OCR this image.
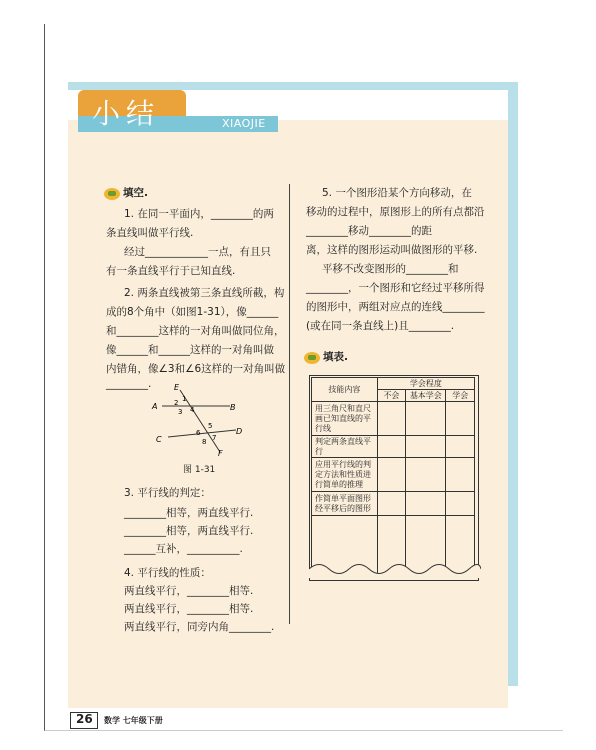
小结	XIAOJIE
填空.
1. 在同一平面内，________的两
条直线叫做平行线.
经过____________一点，有且只
有一条直线平行于已知直线.
2. 两条直线被第三条直线所截，构
成的8个角中（如图1-31），像______
和________这样的一对角叫做同位角，
像______和______这样的一对角叫做
内错角，像∠3和∠6这样的一对角叫做
________.	E
A	B
C
D
F
1
2
3 4
5
6
7
8
图 1-31
3. 平行线的判定：
________相等，两直线平行.
________相等，两直线平行.
______互补，__________.
4. 平行线的性质：
两直线平行，________相等.
两直线平行，________相等.
两直线平行，同旁内角________.
5. 一个图形沿某个方向移动，在
移动的过程中，原图形上的所有点都沿
________移动________的距
离，这样的图形运动叫做图形的平移.
平移不改变图形的________和
________，一个图形和它经过平移所得
的图形中，两组对应点的连线________
(或在同一条直线上)且________.
填表.
技能内容	学会程度		
	不会	基本学会	学会
用三角尺和直尺画已知直线的平行线			
判定两条直线平行			
应用平行线的判定方法和性质进行简单的推理			
作简单平面图形经平移后的图形			

26 数学 七年级下册
